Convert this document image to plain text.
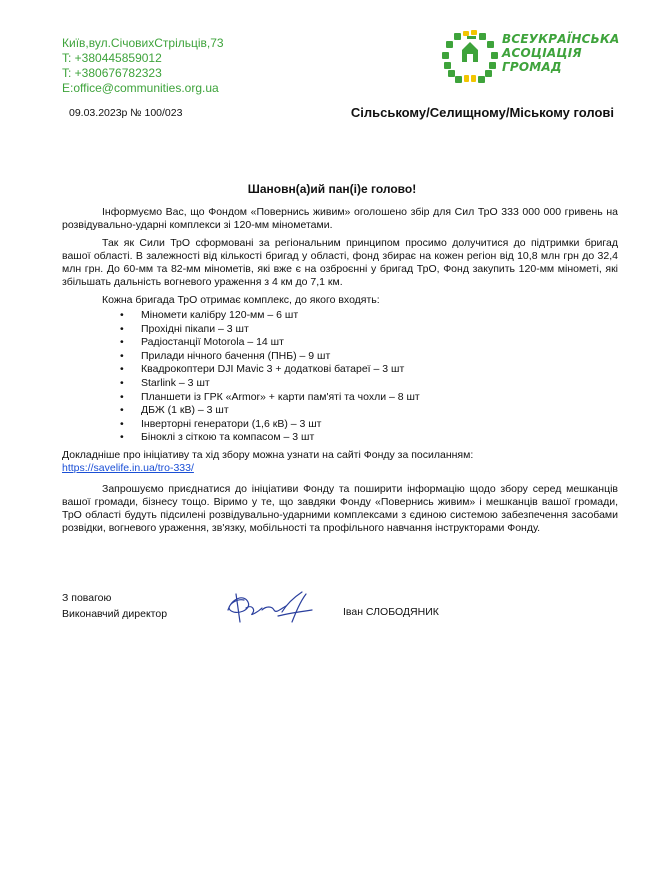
Київ,вул.СічовихСтрільців,73
T: +380445859012
T: +380676782323
E:office@communities.org.ua
ВСЕУКРАЇНСЬКА
АСОЦІАЦІЯ
ГРОМАД
09.03.2023р № 100/023	Сільському/Селищному/Міському голові
Шановн(а)ий пан(і)е голово!

Інформуємо Вас, що Фондом «Повернись живим» оголошено збір для Сил ТрО 333 000 000 гривень на розвідувально-ударні комплекси зі 120-мм мінометами.

Так як Сили ТрО сформовані за регіональним принципом просимо долучитися до підтримки бригад вашої області. В залежності від кількості бригад у області, фонд збирає на кожен регіон від 10,8 млн грн до 32,4 млн грн. До 60-мм та 82-мм мінометів, які вже є на озброєнні у бригад ТрО, Фонд закупить 120-мм мінометі, які збільшать дальність вогневого ураження з 4 км до 7,1 км.

Кожна бригада ТрО отримає комплекс, до якого входять:

• Міномети калібру 120-мм – 6 шт
• Прохідні пікапи – 3 шт
• Радіостанції Motorola – 14 шт
• Прилади нічного бачення (ПНБ) – 9 шт
• Квадрокоптери DJI Mavic 3 + додаткові батареї – 3 шт
• Starlink – 3 шт
• Планшети із ГРК «Armor» + карти пам'яті та чохли – 8 шт
• ДБЖ (1 кВ) – 3 шт
• Інверторні генератори (1,6 кВ) – 3 шт
• Біноклі з сіткою та компасом – 3 шт

Докладніше про ініціативу та хід збору можна узнати на сайті Фонду за посиланням:

https://savelife.in.ua/tro-333/

Запрошуємо приєднатися до ініціативи Фонду та поширити інформацію щодо збору серед мешканців вашої громади, бізнесу тощо. Віримо у те, що завдяки Фонду «Повернись живим» і мешканців вашої громади, ТрО області будуть підсилені розвідувально-ударними комплексами з єдиною системою забезпечення засобами розвідки, вогневого ураження, зв'язку, мобільності та профільного навчання інструкторами Фонду.

З повагою
Виконавчий директор	Іван СЛОБОДЯНИК
